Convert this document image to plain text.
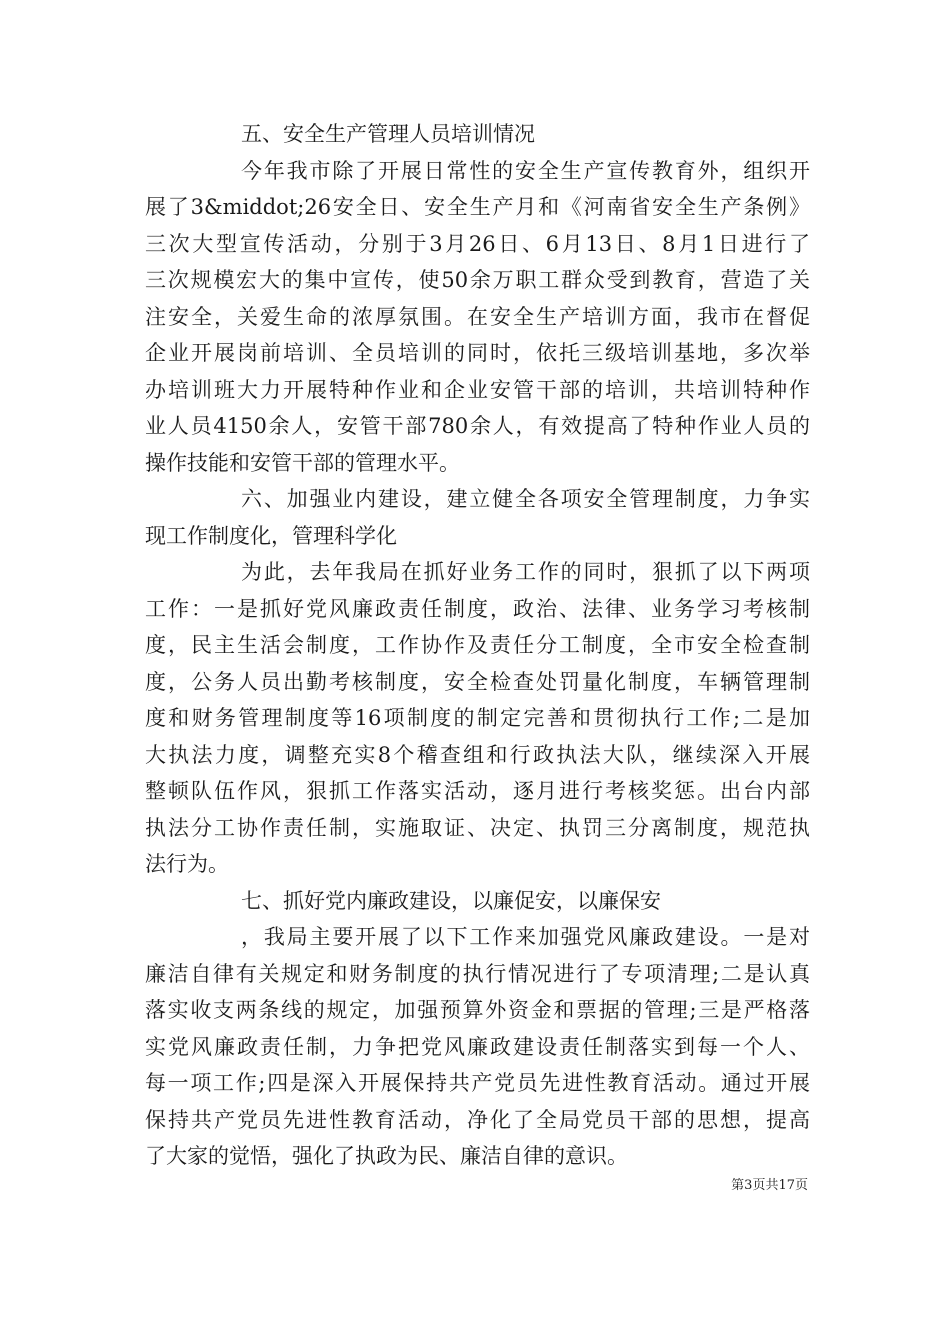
五、安全生产管理人员培训情况
今年我市除了开展日常性的安全生产宣传教育外，组织开
展了3&middot;26安全日、安全生产月和《河南省安全生产条例》
三次大型宣传活动，分别于3月26日、6月13日、8月1日进行了
三次规模宏大的集中宣传，使50余万职工群众受到教育，营造了关
注安全，关爱生命的浓厚氛围。在安全生产培训方面，我市在督促
企业开展岗前培训、全员培训的同时，依托三级培训基地，多次举
办培训班大力开展特种作业和企业安管干部的培训，共培训特种作
业人员4150余人，安管干部780余人，有效提高了特种作业人员的
操作技能和安管干部的管理水平。
六、加强业内建设，建立健全各项安全管理制度，力争实
现工作制度化，管理科学化
为此，去年我局在抓好业务工作的同时，狠抓了以下两项
工作：一是抓好党风廉政责任制度，政治、法律、业务学习考核制
度，民主生活会制度，工作协作及责任分工制度，全市安全检查制
度，公务人员出勤考核制度，安全检查处罚量化制度，车辆管理制
度和财务管理制度等16项制度的制定完善和贯彻执行工作;二是加
大执法力度，调整充实8个稽查组和行政执法大队，继续深入开展
整顿队伍作风，狠抓工作落实活动，逐月进行考核奖惩。出台内部
执法分工协作责任制，实施取证、决定、执罚三分离制度，规范执
法行为。
七、抓好党内廉政建设，以廉促安，以廉保安
，我局主要开展了以下工作来加强党风廉政建设。一是对
廉洁自律有关规定和财务制度的执行情况进行了专项清理;二是认真
落实收支两条线的规定，加强预算外资金和票据的管理;三是严格落
实党风廉政责任制，力争把党风廉政建设责任制落实到每一个人、
每一项工作;四是深入开展保持共产党员先进性教育活动。通过开展
保持共产党员先进性教育活动，净化了全局党员干部的思想，提高
了大家的觉悟，强化了执政为民、廉洁自律的意识。
第3页共17页
